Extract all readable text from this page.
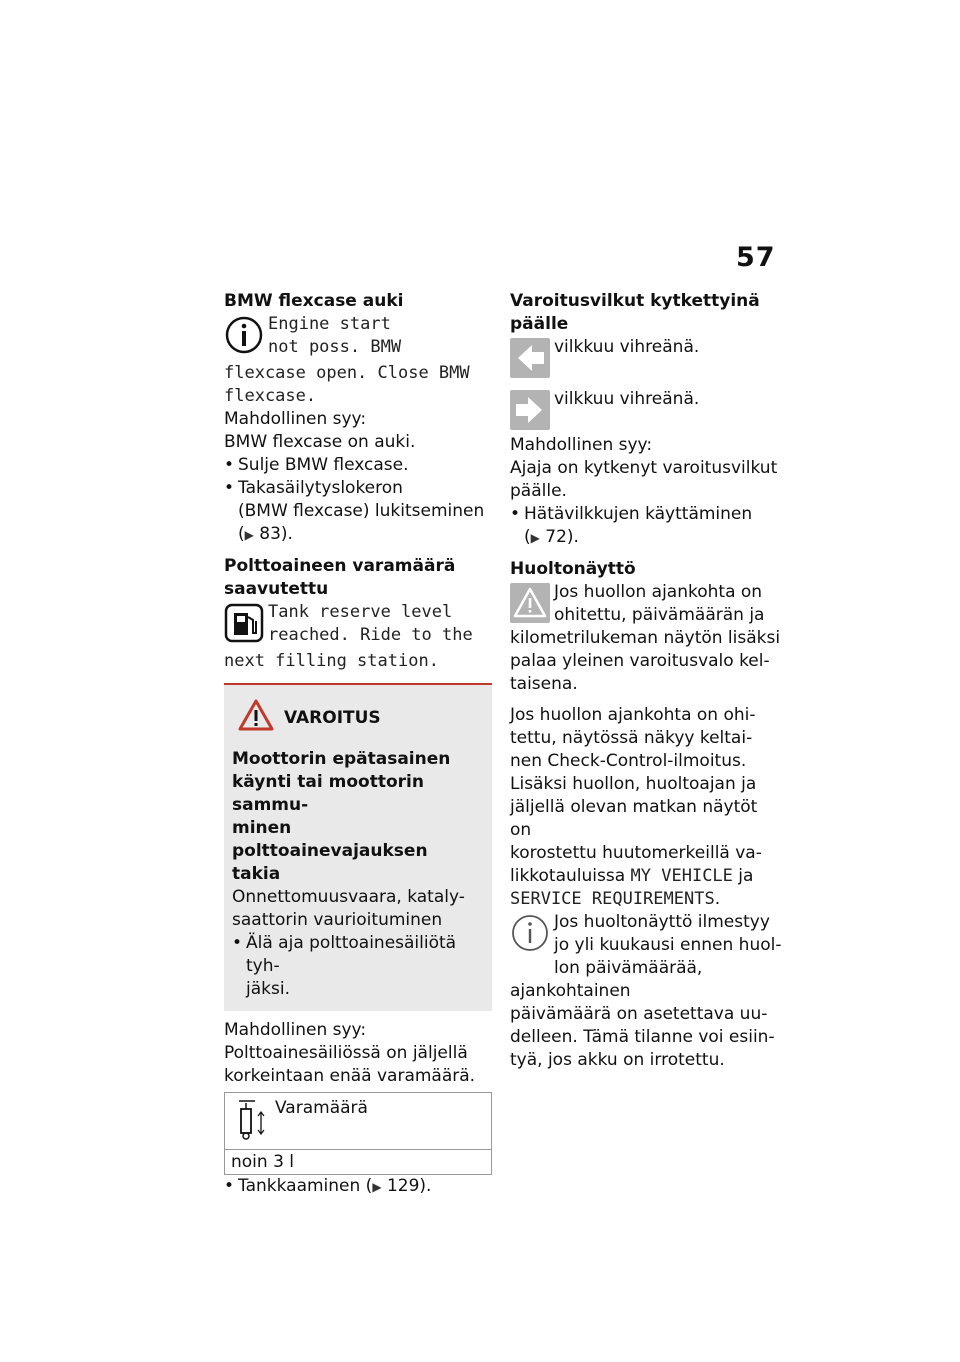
57
BMW flexcase auki
Engine start
not poss. BMW
flexcase open. Close BMW
flexcase.

Mahdollinen syy:

BMW flexcase on auki.

• Sulje BMW flexcase.
• Takasäilytyslokeron
(BMW flexcase) lukitseminen
(▶ 83).
Polttoaineen varamäärä
saavutettu
Tank reserve level
reached. Ride to the
next filling station.
VAROITUS
Moottorin epätasainen
käynti tai moottorin sammu-
minen polttoainevajauksen
takia

Onnettomuusvaara, kataly-
saattorin vaurioituminen

• Älä aja polttoainesäiliötä tyh-
jäksi.

Mahdollinen syy:

Polttoainesäiliössä on jäljellä
korkeintaan enää varamäärä.

Varamäärä
noin 3 l
• Tankkaaminen (▶ 129).
Varoitusvilkut kytkettyinä
päälle
vilkkuu vihreänä.
vilkkuu vihreänä.

Mahdollinen syy:

Ajaja on kytkenyt varoitusvilkut
päälle.

• Hätävilkkujen käyttäminen
(▶ 72).
Huoltonäyttö
Jos huollon ajankohta on
ohitettu, päivämäärän ja
kilometrilukeman näytön lisäksi
palaa yleinen varoitusvalo kel-
taisena.

Jos huollon ajankohta on ohi-
tettu, näytössä näkyy keltai-
nen Check-Control-ilmoitus.
Lisäksi huollon, huoltoajan ja
jäljellä olevan matkan näytöt on
korostettu huutomerkeillä va-
likkotauluissa MY VEHICLE ja
SERVICE REQUIREMENTS.

Jos huoltonäyttö ilmestyy
jo yli kuukausi ennen huol-
lon päivämäärää, ajankohtainen
päivämäärä on asetettava uu-
delleen. Tämä tilanne voi esiin-
tyä, jos akku on irrotettu.
